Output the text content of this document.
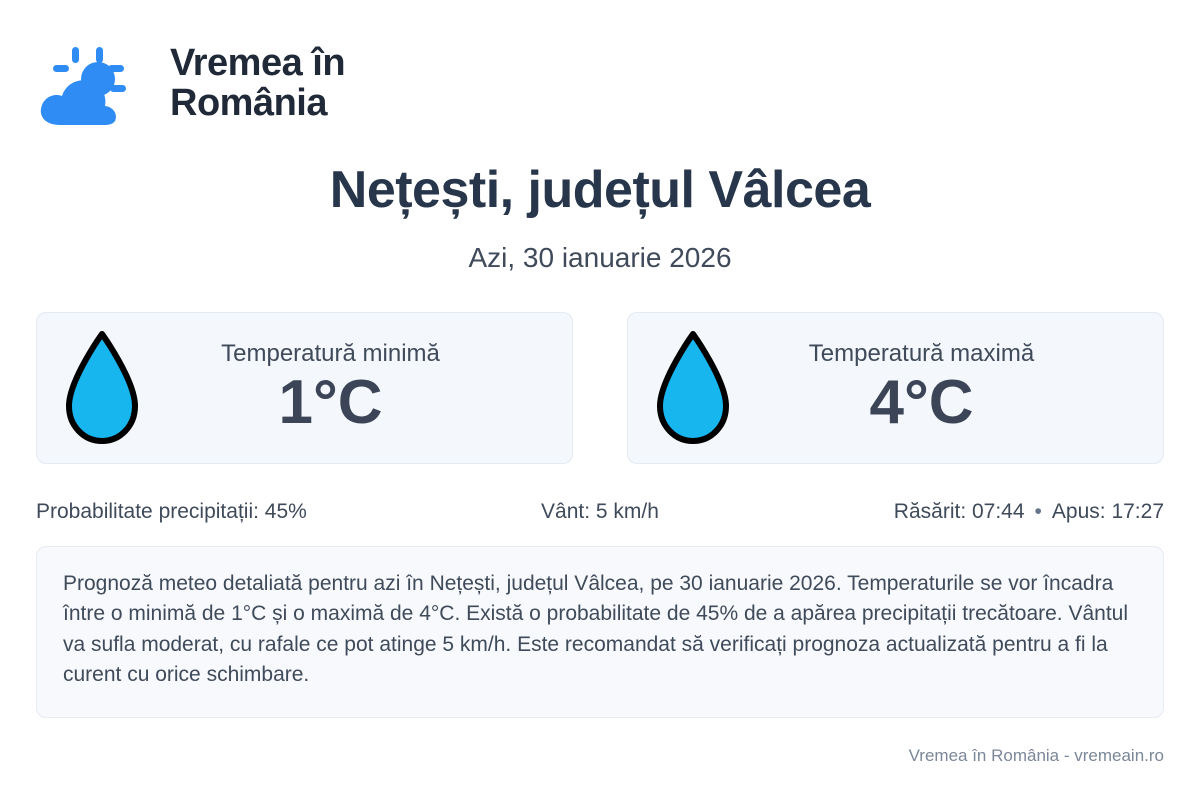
Vremea în România
Nețești, județul Vâlcea
Azi, 30 ianuarie 2026
Temperatură minimă
1°C
Temperatură maximă
4°C
Probabilitate precipitații: 45%	Vânt: 5 km/h	Răsărit: 07:44 • Apus: 17:27
Prognoză meteo detaliată pentru azi în Nețești, județul Vâlcea, pe 30 ianuarie 2026. Temperaturile se vor încadra între o minimă de 1°C și o maximă de 4°C. Există o probabilitate de 45% de a apărea precipitații trecătoare. Vântul va sufla moderat, cu rafale ce pot atinge 5 km/h. Este recomandat să verificați prognoza actualizată pentru a fi la curent cu orice schimbare.
Vremea în România - vremeain.ro
